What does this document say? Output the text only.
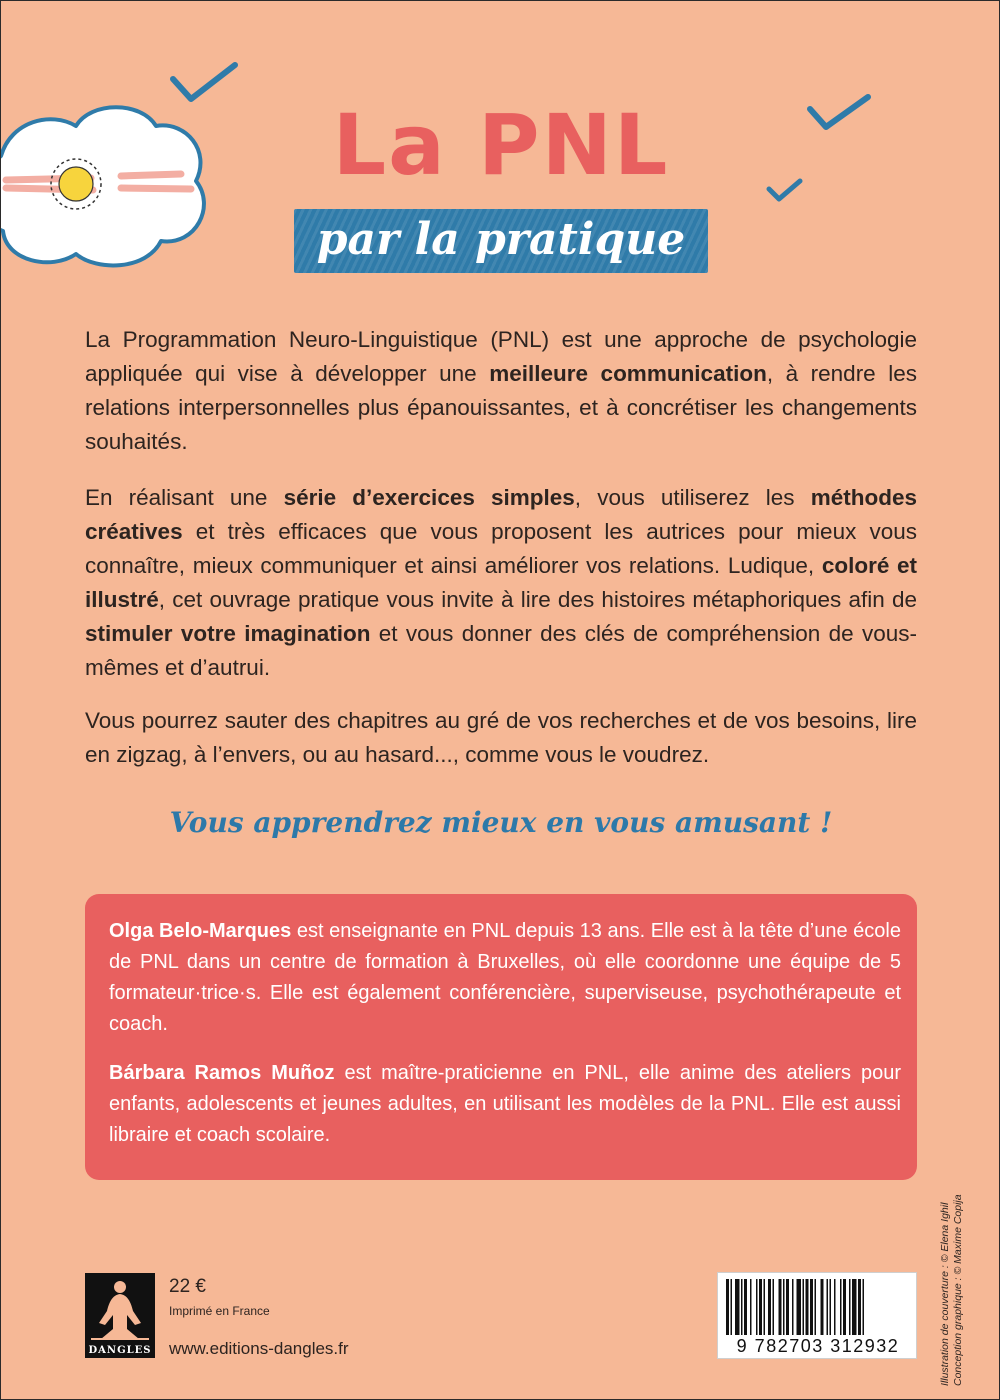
La PNL
par la pratique

La Programmation Neuro-Linguistique (PNL) est une approche de psychologie appliquée qui vise à développer une meilleure communication, à rendre les relations interpersonnelles plus épanouissantes, et à concrétiser les changements souhaités.

En réalisant une série d’exercices simples, vous utiliserez les méthodes créatives et très efficaces que vous proposent les autrices pour mieux vous connaître, mieux communiquer et ainsi améliorer vos relations. Ludique, coloré et illustré, cet ouvrage pratique vous invite à lire des histoires métaphoriques afin de stimuler votre imagination et vous donner des clés de compréhension de vous-mêmes et d’autrui.

Vous pourrez sauter des chapitres au gré de vos recherches et de vos besoins, lire en zigzag, à l’envers, ou au hasard..., comme vous le voudrez.

Vous apprendrez mieux en vous amusant !

Olga Belo-Marques est enseignante en PNL depuis 13 ans. Elle est à la tête d’une école de PNL dans un centre de formation à Bruxelles, où elle coordonne une équipe de 5 formateur·trice·s. Elle est également conférencière, superviseuse, psychothérapeute et coach.

Bárbara Ramos Muñoz est maître-praticienne en PNL, elle anime des ateliers pour enfants, adolescents et jeunes adultes, en utilisant les modèles de la PNL. Elle est aussi libraire et coach scolaire.

DANGLES
22 €
Imprimé en France
www.editions-dangles.fr	9 782703 312932	Illustration de couverture : © Elena Ighil Conception graphique : © Maxime Copija
